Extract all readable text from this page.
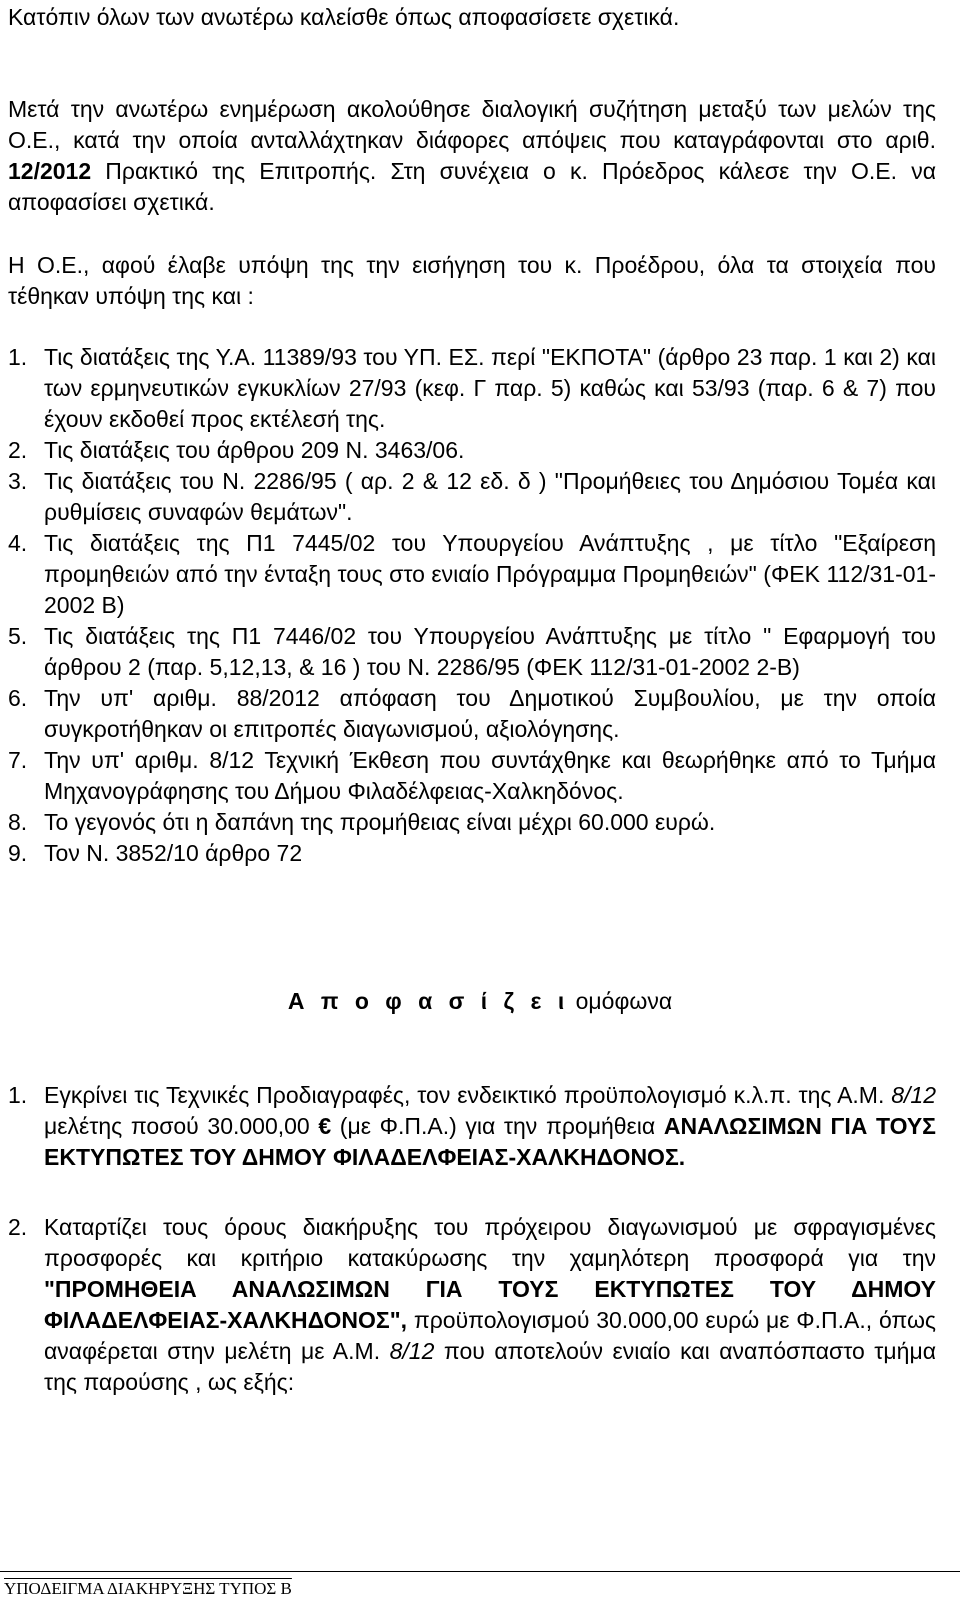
Κατόπιν όλων των ανωτέρω καλείσθε όπως αποφασίσετε σχετικά.

Μετά την ανωτέρω ενημέρωση ακολούθησε διαλογική συζήτηση μεταξύ των μελών της Ο.Ε., κατά την οποία ανταλλάχτηκαν διάφορες απόψεις που καταγράφονται στο αριθ. 12/2012 Πρακτικό της Επιτροπής. Στη συνέχεια ο κ. Πρόεδρος κάλεσε την Ο.Ε. να αποφασίσει σχετικά.

Η Ο.Ε., αφού έλαβε υπόψη της την εισήγηση του κ. Προέδρου, όλα τα στοιχεία που τέθηκαν υπόψη της και :

1. Τις διατάξεις της Υ.Α. 11389/93 του ΥΠ. ΕΣ. περί "ΕΚΠΟΤΑ" (άρθρο 23 παρ. 1 και 2) και των ερμηνευτικών εγκυκλίων 27/93 (κεφ. Γ παρ. 5) καθώς και 53/93 (παρ. 6 & 7) που έχουν εκδοθεί προς εκτέλεσή της.
2. Τις διατάξεις του άρθρου 209 Ν. 3463/06.
3. Τις διατάξεις του Ν. 2286/95 ( αρ. 2 & 12 εδ. δ ) "Προμήθειες του Δημόσιου Τομέα και ρυθμίσεις συναφών θεμάτων".
4. Τις διατάξεις της Π1 7445/02 του Υπουργείου Ανάπτυξης , με τίτλο "Εξαίρεση προμηθειών από την ένταξη τους στο ενιαίο Πρόγραμμα Προμηθειών" (ΦΕΚ 112/31-01-2002 Β)
5. Τις διατάξεις της Π1 7446/02 του Υπουργείου Ανάπτυξης με τίτλο " Εφαρμογή του άρθρου 2 (παρ. 5,12,13, & 16 ) του Ν. 2286/95 (ΦΕΚ 112/31-01-2002 2-Β)
6. Την υπ' αριθμ. 88/2012 απόφαση του Δημοτικού Συμβουλίου, με την οποία συγκροτήθηκαν οι επιτροπές διαγωνισμού, αξιολόγησης.
7. Την υπ' αριθμ. 8/12 Τεχνική Έκθεση που συντάχθηκε και θεωρήθηκε από το Τμήμα Μηχανογράφησης του Δήμου Φιλαδέλφειας-Χαλκηδόνος.
8. Το γεγονός ότι η δαπάνη της προμήθειας είναι μέχρι 60.000 ευρώ.
9. Τον Ν. 3852/10 άρθρο 72

Α π ο φ α σ ί ζ ε ι ομόφωνα

1. Εγκρίνει τις Τεχνικές Προδιαγραφές, τον ενδεικτικό προϋπολογισμό κ.λ.π. της Α.Μ. 8/12 μελέτης ποσού 30.000,00 € (με Φ.Π.Α.) για την προμήθεια ΑΝΑΛΩΣΙΜΩΝ ΓΙΑ ΤΟΥΣ ΕΚΤΥΠΩΤΕΣ ΤΟΥ ΔΗΜΟΥ ΦΙΛΑΔΕΛΦΕΙΑΣ-ΧΑΛΚΗΔΟΝΟΣ.
2. Καταρτίζει τους όρους διακήρυξης του πρόχειρου διαγωνισμού με σφραγισμένες προσφορές και κριτήριο κατακύρωσης την χαμηλότερη προσφορά για την "ΠΡΟΜΗΘΕΙΑ ΑΝΑΛΩΣΙΜΩΝ ΓΙΑ ΤΟΥΣ ΕΚΤΥΠΩΤΕΣ ΤΟΥ ΔΗΜΟΥ ΦΙΛΑΔΕΛΦΕΙΑΣ-ΧΑΛΚΗΔΟΝΟΣ", προϋπολογισμού 30.000,00 ευρώ με Φ.Π.Α., όπως αναφέρεται στην μελέτη με Α.Μ. 8/12 που αποτελούν ενιαίο και αναπόσπαστο τμήμα της παρούσης , ως εξής:

ΥΠΟΔΕΙΓΜΑ ΔΙΑΚΗΡΥΞΗΣ ΤΥΠΟΣ Β
